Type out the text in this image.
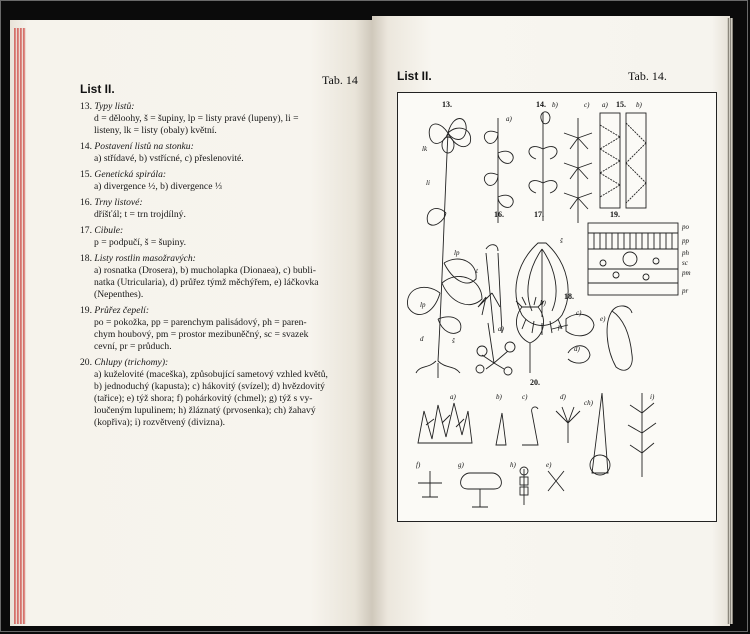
List II.
Tab. 14
13. Typy listů:
d = děloohy, š = šupiny, lp = listy pravé (lupeny), li =
listeny, lk = listy (obaly) květní.
14. Postavení listů na stonku:
a) střídavé, b) vstřícné, c) přeslenovité.
15. Genetická spirála:
a) divergence ½, b) divergence ⅓
16. Trny listové:
dříšťál; t = trn trojdílný.
17. Cibule:
p = podpučí, š = šupiny.
18. Listy rostlin masožravých:
a) rosnatka (Drosera), b) mucholapka (Dionaea), c) bubli-
natka (Utricularia), d) průřez týmž měchýřem, e) láčkovka
(Nepenthes).
19. Průřez čepelí:
po = pokožka, pp = parenchym palisádový, ph = paren-
chym houbový, pm = prostor mezibuněčný, sc = svazek
cevní, pr = průduch.
20. Chlupy (trichomy):
a) kuželovité (maceška), způsobující sametový vzhled květů,
b) jednoduchý (kapusta); c) hákovitý (svízel); d) hvězdovitý
(tařice); e) týž shora; f) pohárkovitý (chmel); g) týž s vy-
loučeným lupulinem; h) žláznatý (prvosenka); ch) žahavý
(kopřiva); i) rozvětvený (divizna).
List II.	Tab. 14.
13.	14.	15.
16.	17.
18.
19.
20.
lk
li
lp
lp
d	š
a)
b)	c) a)	b)
t
š
p
a)
b)
c)
d)
e)
po
pp
ph
sc
pm
pr
a)	b)	c)	d)
ch)
i)
f)	g)	h)	e)
